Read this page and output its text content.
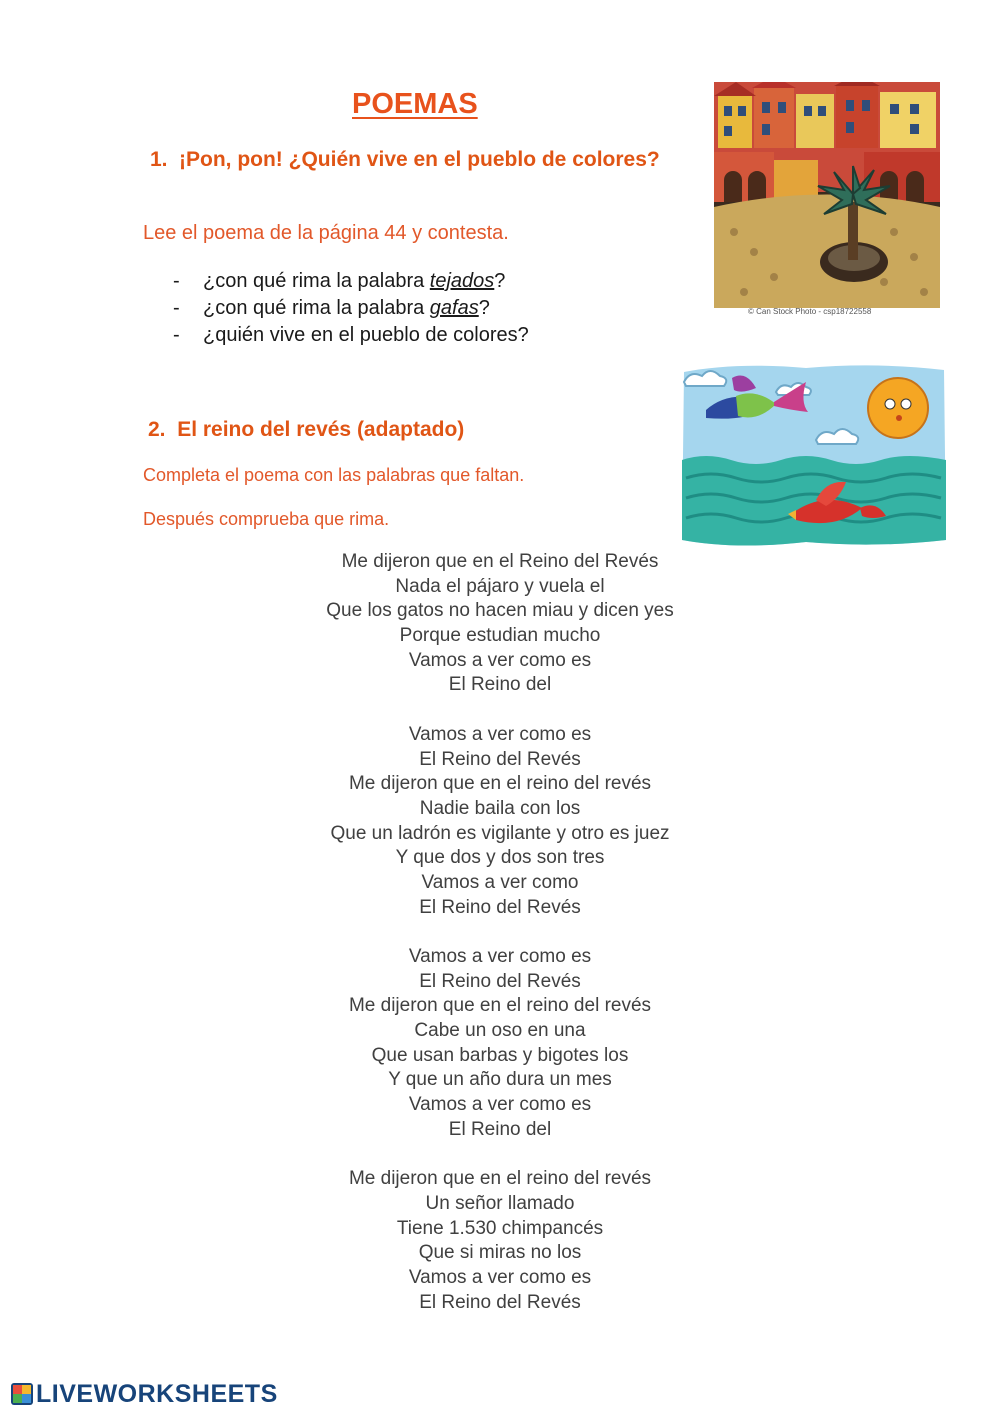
POEMAS
1. ¡Pon, pon! ¿Quién vive en el pueblo de colores?

Lee el poema de la página 44 y contesta.

- ¿con qué rima la palabra tejados?
- ¿con qué rima la palabra gafas?
- ¿quién vive en el pueblo de colores?
© Can Stock Photo - csp18722558
2. El reino del revés (adaptado)

Completa el poema con las palabras que faltan.

Después comprueba que rima.

Me dijeron que en el Reino del Revés
Nada el pájaro y vuela el
Que los gatos no hacen miau y dicen yes
Porque estudian mucho
Vamos a ver como es
El Reino del
Vamos a ver como es
El Reino del Revés
Me dijeron que en el reino del revés
Nadie baila con los
Que un ladrón es vigilante y otro es juez
Y que dos y dos son tres
Vamos a ver como
El Reino del Revés
Vamos a ver como es
El Reino del Revés
Me dijeron que en el reino del revés
Cabe un oso en una
Que usan barbas y bigotes los
Y que un año dura un mes
Vamos a ver como es
El Reino del
Me dijeron que en el reino del revés
Un señor llamado
Tiene 1.530 chimpancés
Que si miras no los
Vamos a ver como es
El Reino del Revés
LIVEWORKSHEETS
